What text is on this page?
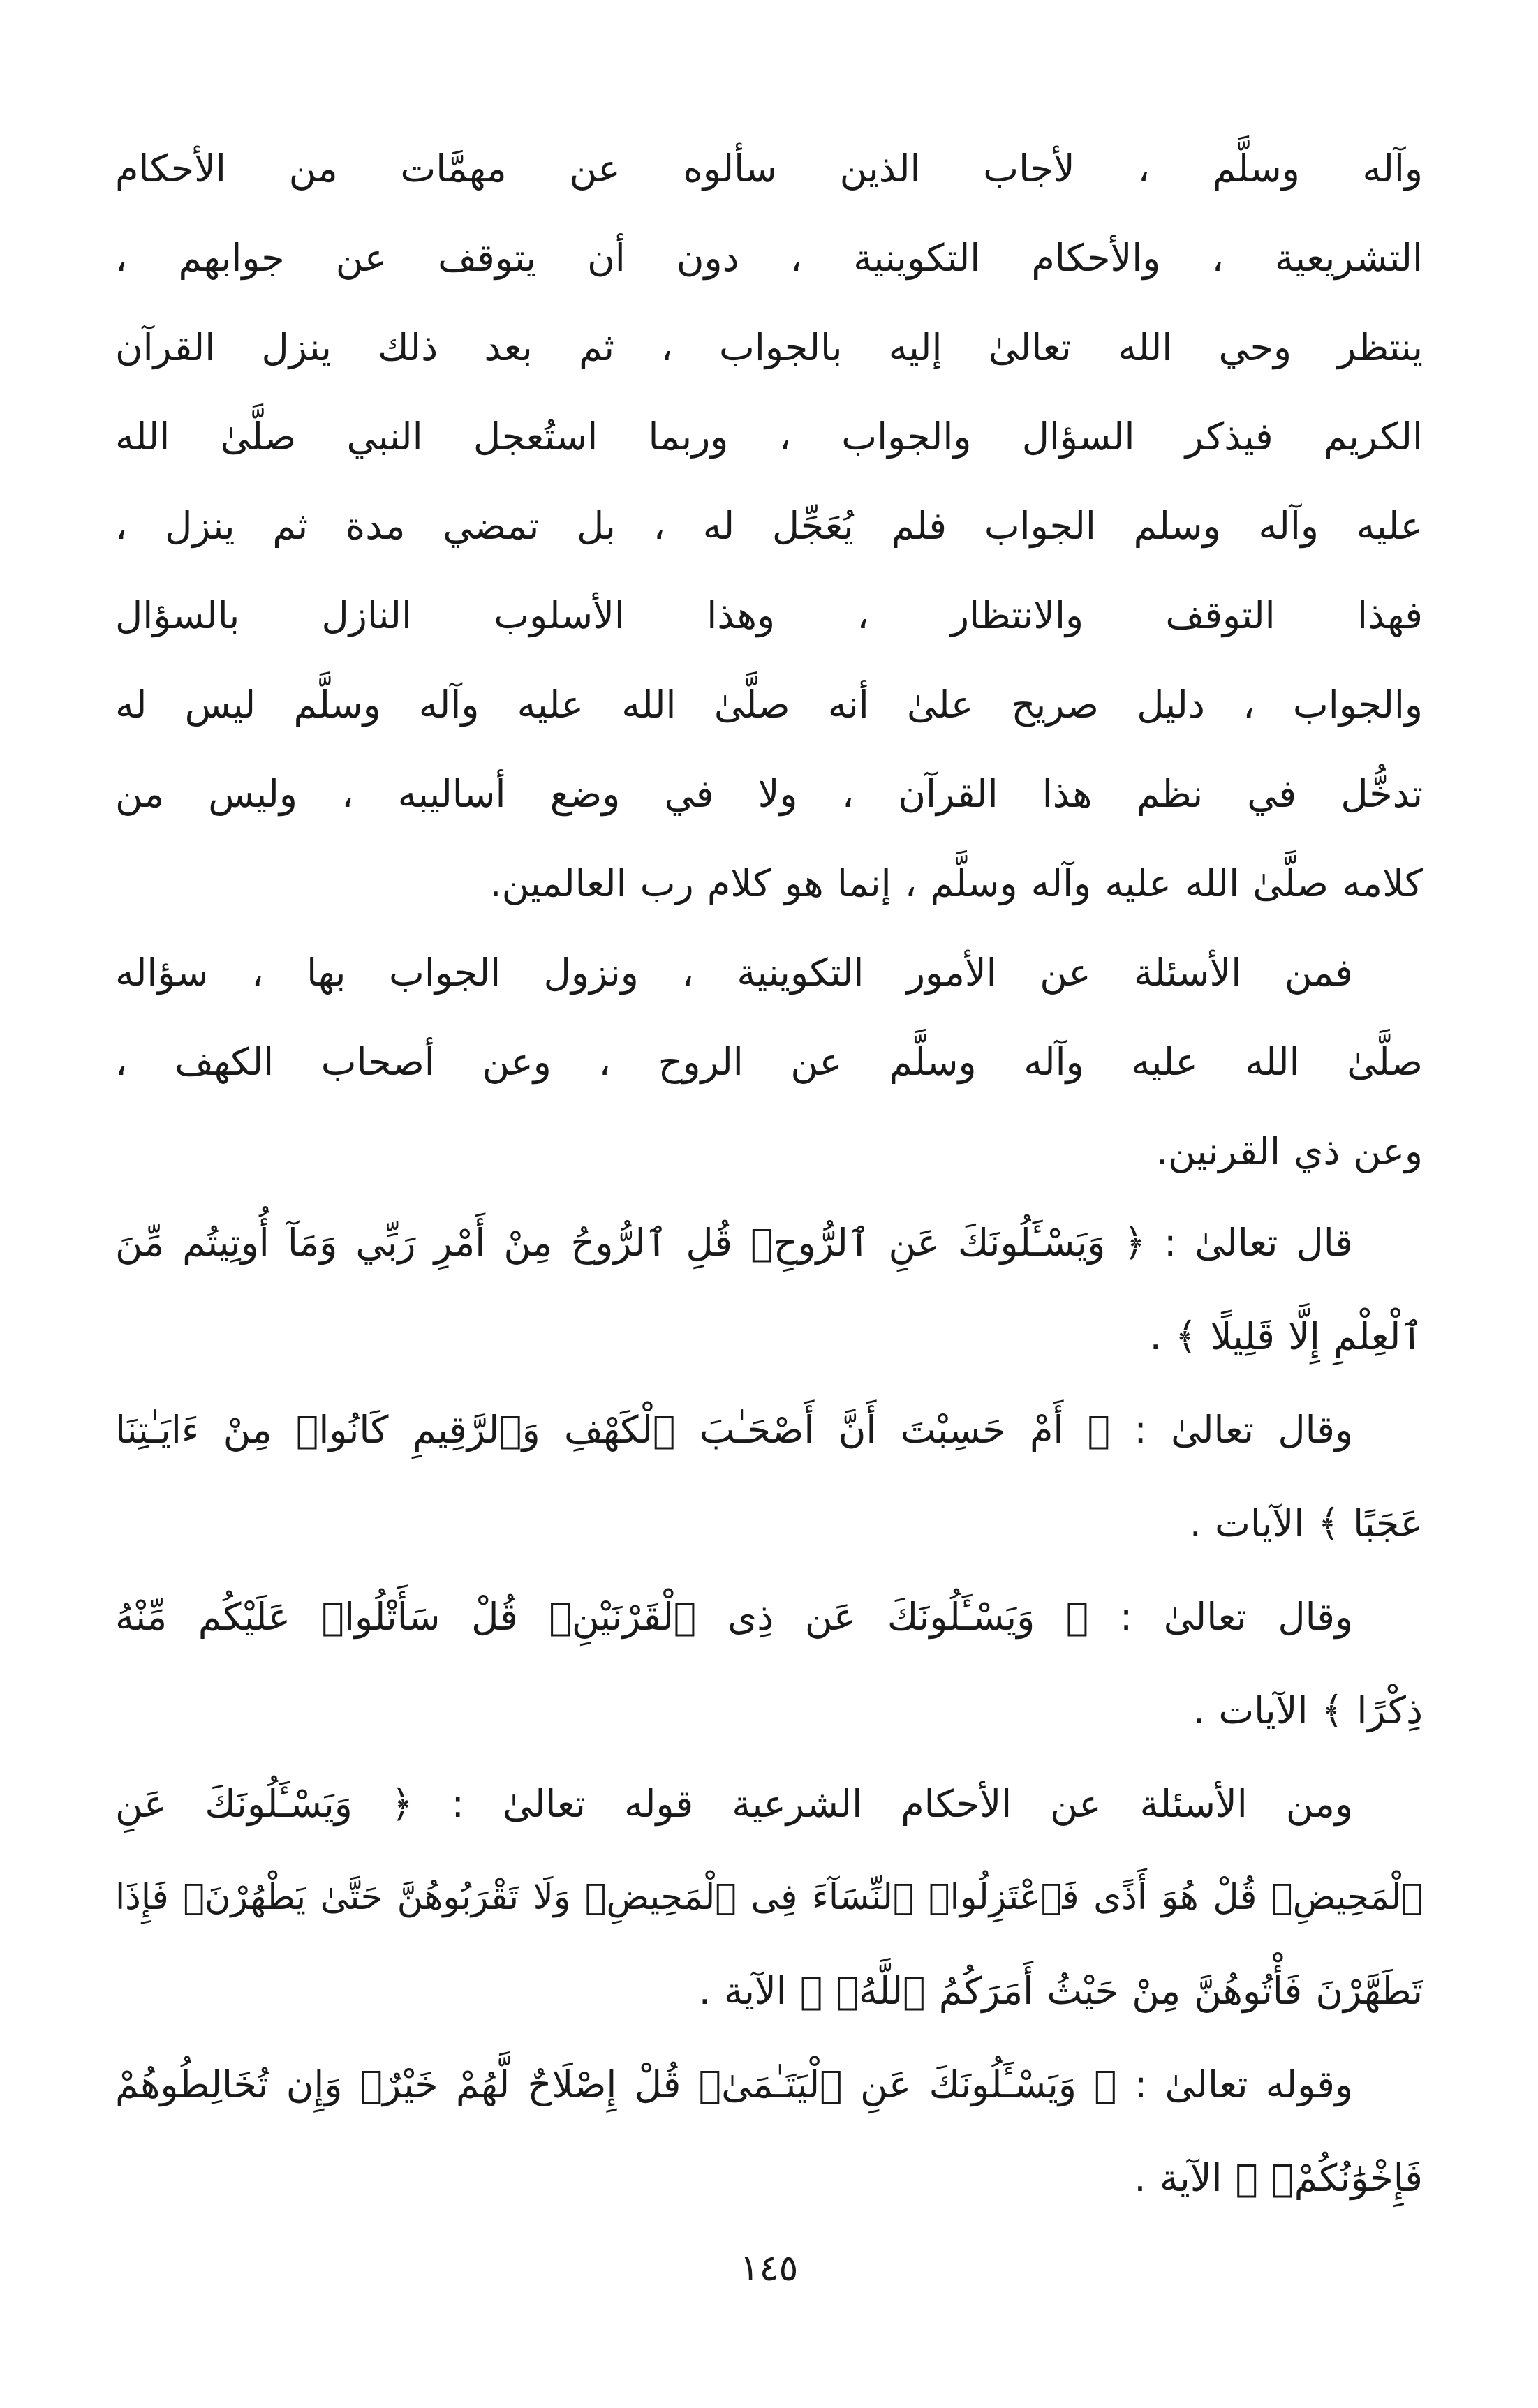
وآله وسلَّم ، لأجاب الذين سألوه عن مهمَّات من الأحكام
التشريعية ، والأحكام التكوينية ، دون أن يتوقف عن جوابهم ،
ينتظر وحي الله تعالىٰ إليه بالجواب ، ثم بعد ذلك ينزل القرآن
الكريم فيذكر السؤال والجواب ، وربما استُعجل النبي صلَّىٰ الله
عليه وآله وسلم الجواب فلم يُعَجِّل له ، بل تمضي مدة ثم ينزل ،
فهذا التوقف والانتظار ، وهذا الأسلوب النازل بالسؤال
والجواب ، دليل صريح علىٰ أنه صلَّىٰ الله عليه وآله وسلَّم ليس له
تدخُّل في نظم هذا القرآن ، ولا في وضع أساليبه ، وليس من
كلامه صلَّىٰ الله عليه وآله وسلَّم ، إنما هو كلام رب العالمين.
فمن الأسئلة عن الأمور التكوينية ، ونزول الجواب بها ، سؤاله
صلَّىٰ الله عليه وآله وسلَّم عن الروح ، وعن أصحاب الكهف ،
وعن ذي القرنين.
قال تعالىٰ : ﴿ وَيَسْـَٔلُونَكَ عَنِ ٱلرُّوحِۖ قُلِ ٱلرُّوحُ مِنْ أَمْرِ رَبِّي وَمَآ أُوتِيتُم مِّنَ
ٱلْعِلْمِ إِلَّا قَلِيلًا ﴾ .
وقال تعالىٰ : ﴿ أَمْ حَسِبْتَ أَنَّ أَصْحَـٰبَ ٱلْكَهْفِ وَٱلرَّقِيمِ كَانُوا۟ مِنْ ءَايَـٰتِنَا
عَجَبًا ﴾ الآيات .
وقال تعالىٰ : ﴿ وَيَسْـَٔلُونَكَ عَن ذِى ٱلْقَرْنَيْنِۖ قُلْ سَأَتْلُوا۟ عَلَيْكُم مِّنْهُ
ذِكْرًا ﴾ الآيات .
ومن الأسئلة عن الأحكام الشرعية قوله تعالىٰ : ﴿ وَيَسْـَٔلُونَكَ عَنِ
ٱلْمَحِيضِۖ قُلْ هُوَ أَذًى فَٱعْتَزِلُوا۟ ٱلنِّسَآءَ فِى ٱلْمَحِيضِۖ وَلَا تَقْرَبُوهُنَّ حَتَّىٰ يَطْهُرْنَۖ فَإِذَا
تَطَهَّرْنَ فَأْتُوهُنَّ مِنْ حَيْثُ أَمَرَكُمُ ٱللَّهُۚ ﴾ الآية .
وقوله تعالىٰ : ﴿ وَيَسْـَٔلُونَكَ عَنِ ٱلْيَتَـٰمَىٰۖ قُلْ إِصْلَاحٌ لَّهُمْ خَيْرٌۖ وَإِن تُخَالِطُوهُمْ
فَإِخْوَٰنُكُمْۚ ﴾ الآية .
١٤٥
